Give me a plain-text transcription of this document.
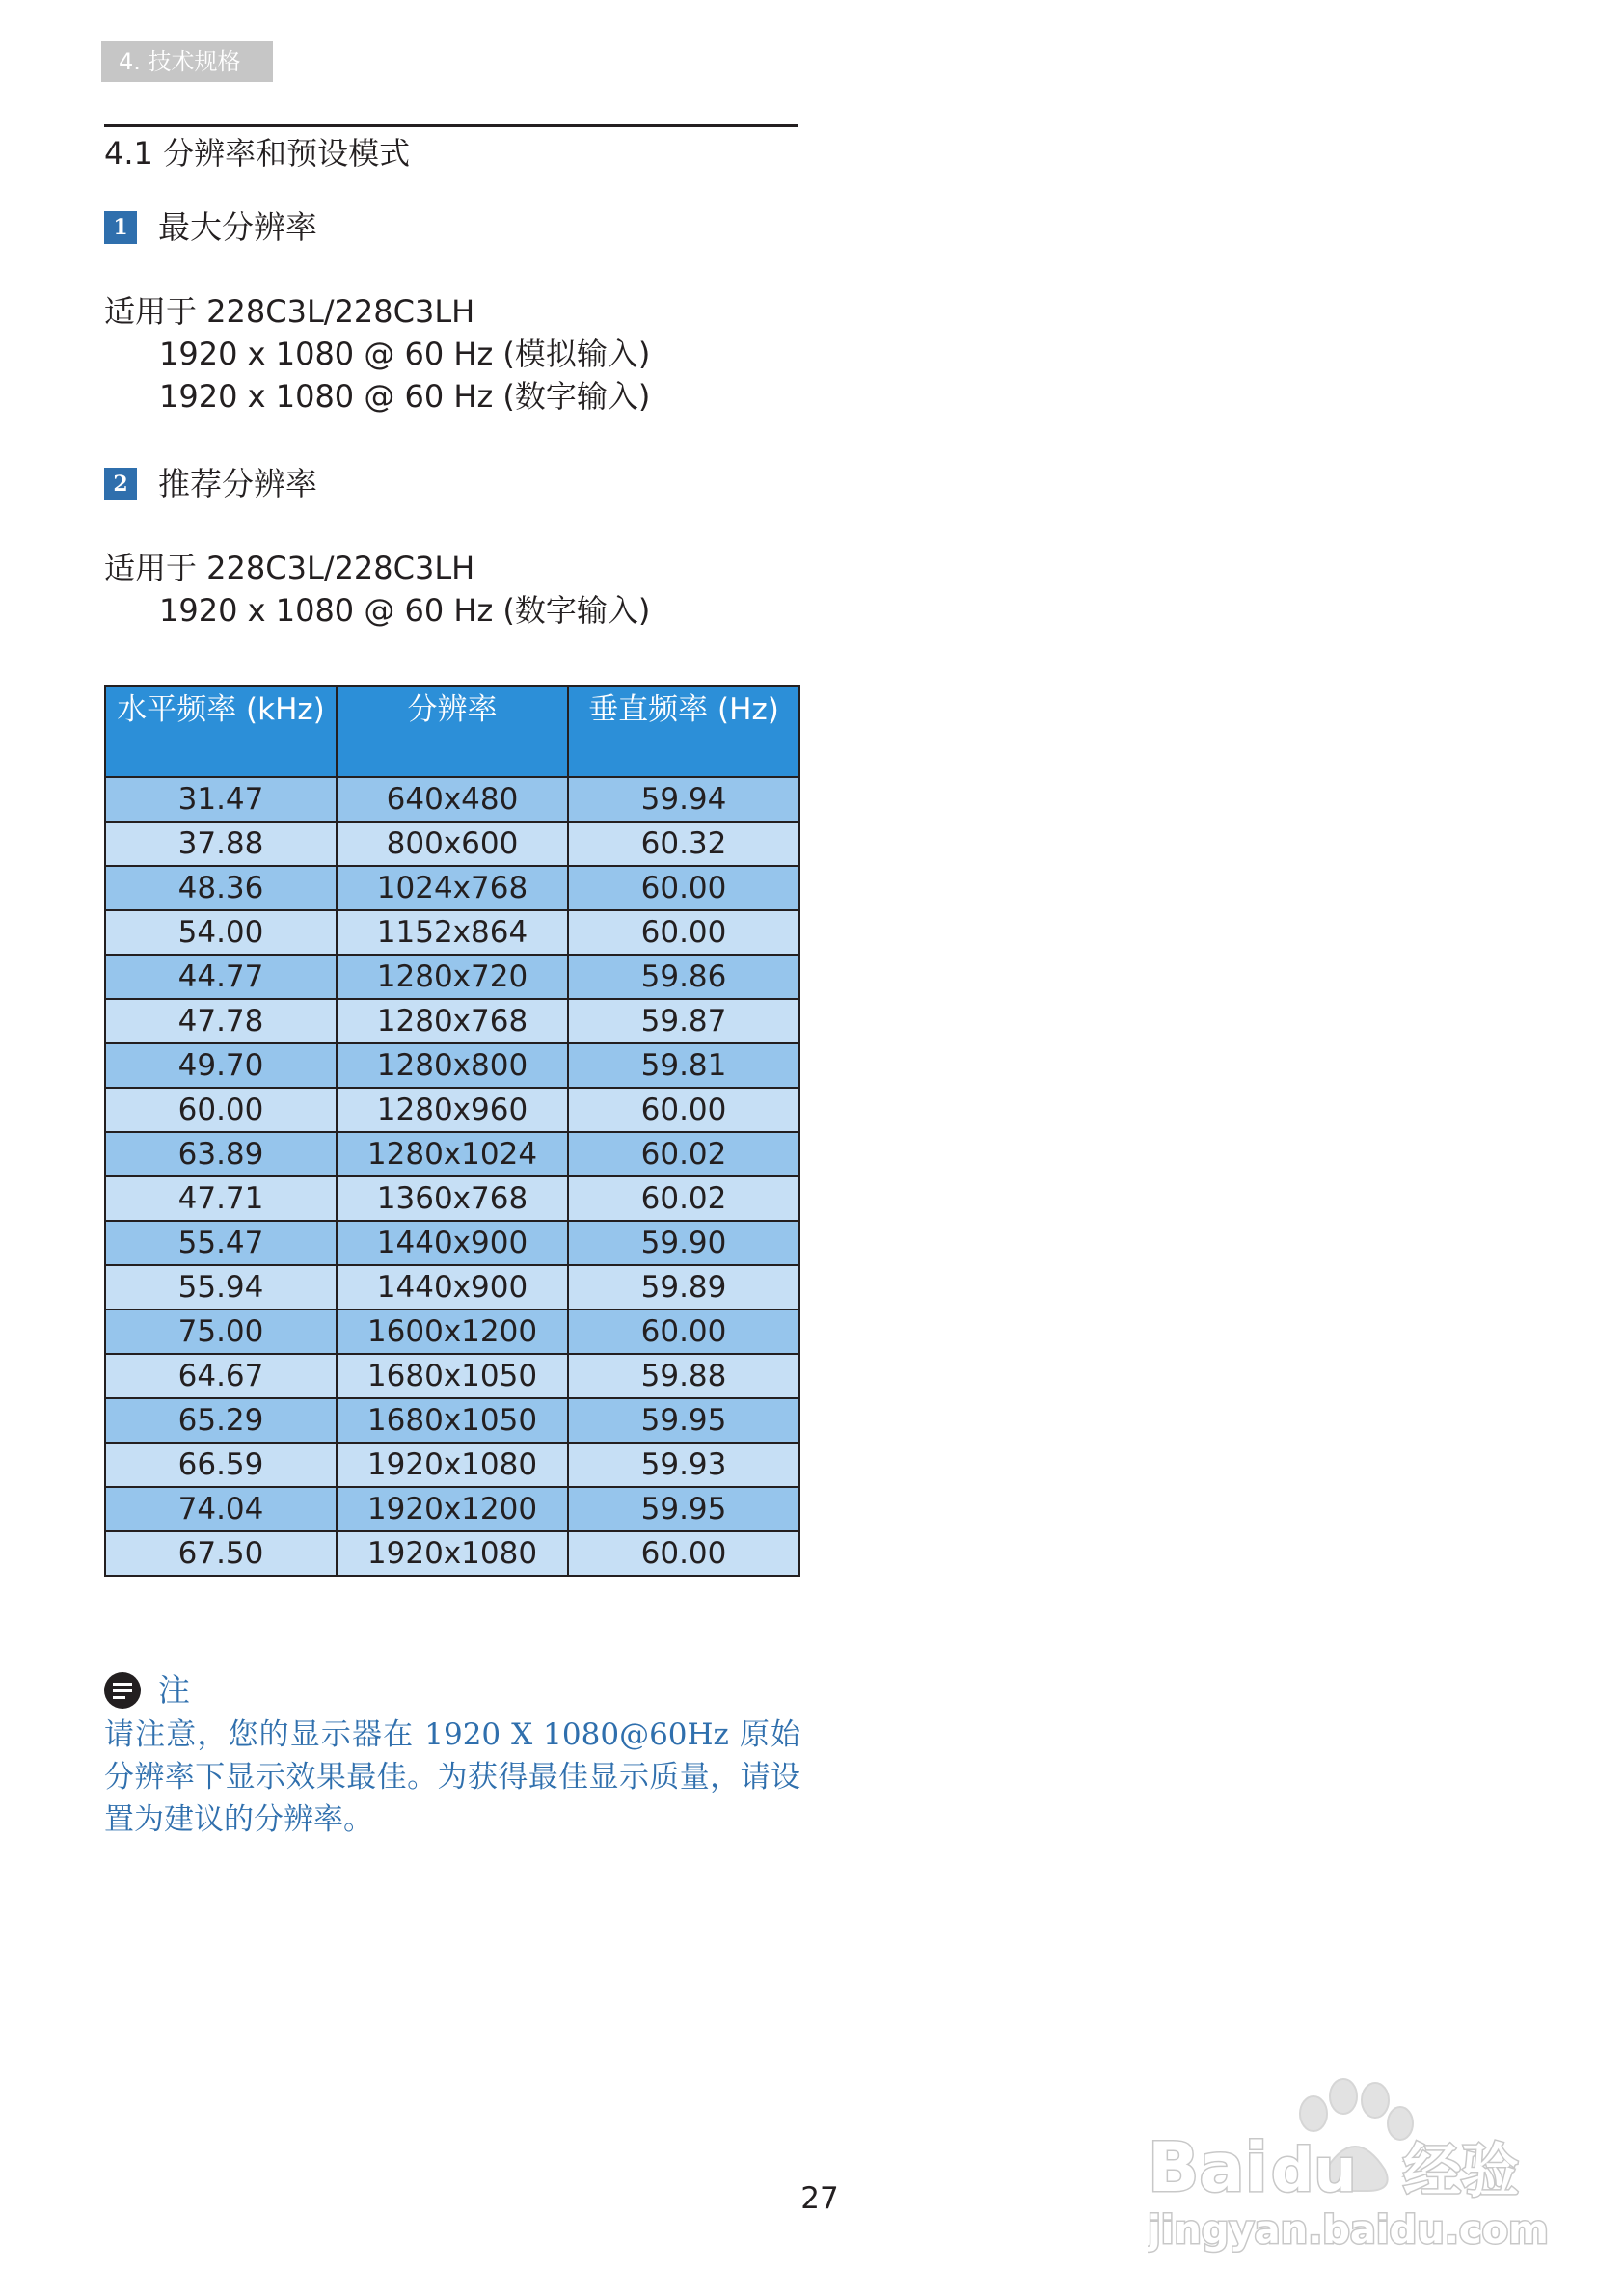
4. 技术规格
4.1 分辨率和预设模式
1 最大分辨率
适用于 228C3L/228C3LH
1920 x 1080 @ 60 Hz (模拟输入)
1920 x 1080 @ 60 Hz (数字输入)
2 推荐分辨率
适用于 228C3L/228C3LH
1920 x 1080 @ 60 Hz (数字输入)
水平频率 (kHz)	分辨率	垂直频率 (Hz)
31.47	640x480	59.94
37.88	800x600	60.32
48.36	1024x768	60.00
54.00	1152x864	60.00
44.77	1280x720	59.86
47.78	1280x768	59.87
49.70	1280x800	59.81
60.00	1280x960	60.00
63.89	1280x1024	60.02
47.71	1360x768	60.02
55.47	1440x900	59.90
55.94	1440x900	59.89
75.00	1600x1200	60.00
64.67	1680x1050	59.88
65.29	1680x1050	59.95
66.59	1920x1080	59.93
74.04	1920x1200	59.95
67.50	1920x1080	60.00
注
请注意，您的显示器在 1920 X 1080@60Hz 原始分辨率下显示效果最佳。为获得最佳显示质量，请设置为建议的分辨率。
27	Bai du 经验
jingyan.baidu.com
